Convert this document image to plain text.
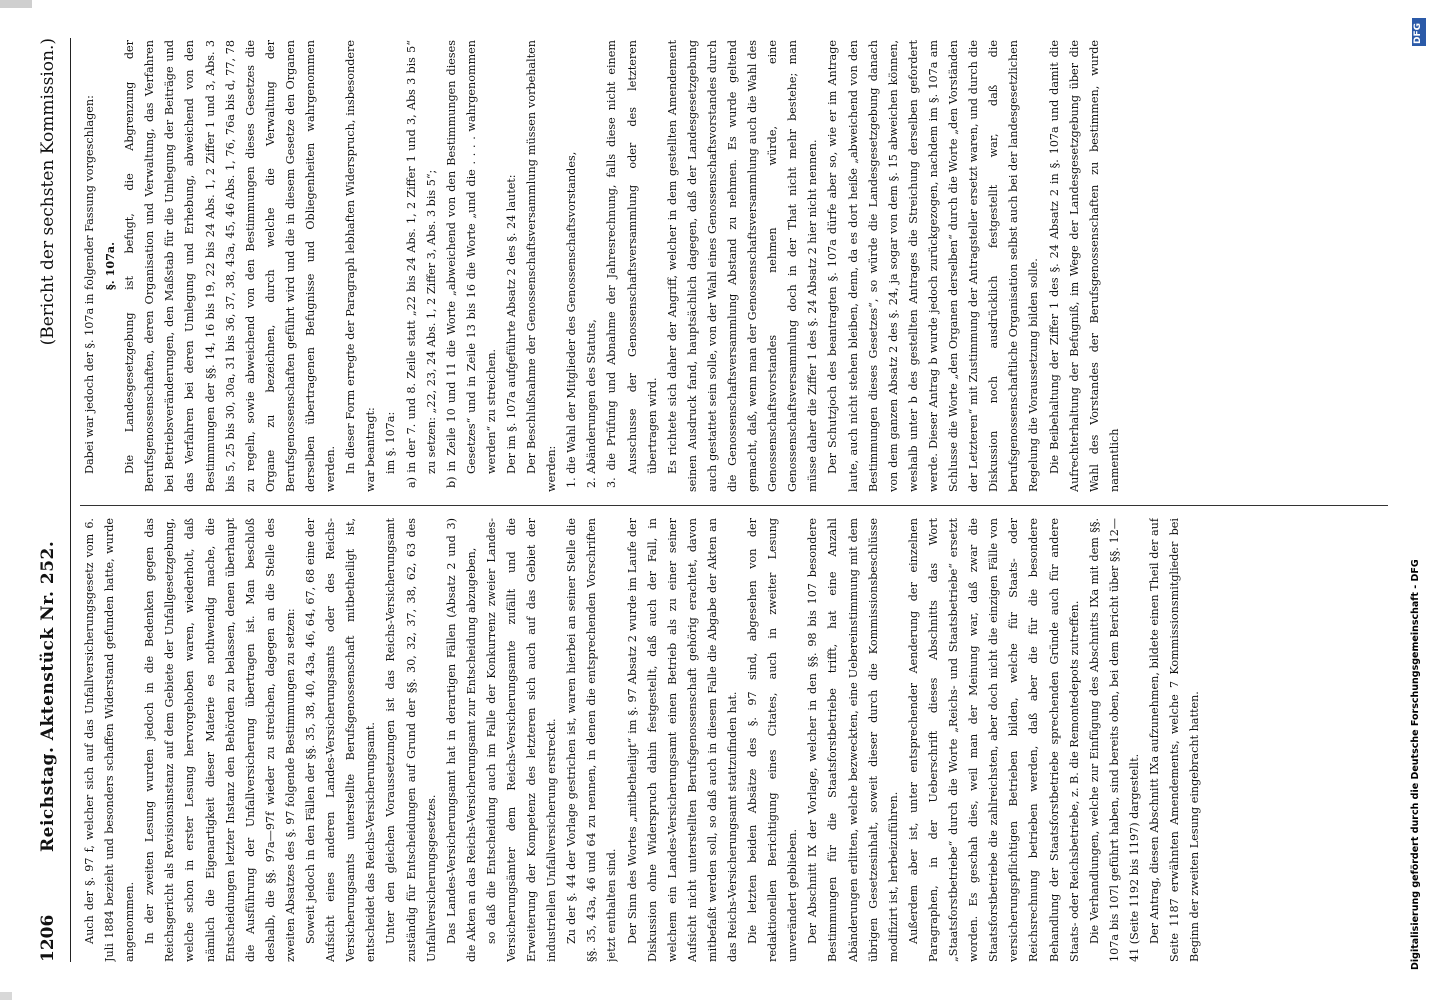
1206
Reichstag. Aktenstück Nr. 252.
(Bericht der sechsten Kommission.)

Auch der §. 97 f, welcher sich auf das Unfallversicherungsgesetz vom 6. Juli 1884 bezieht und besonders schaffen Widerstand gefunden hatte, wurde angenommen. In der zweiten Lesung wurden jedoch in die Bedenken gegen das Reichsgericht als Revisionsinstanz auf dem Gebiete der Unfallgesetzgebung, welche schon in erster Lesung hervorgehoben waren, wiederholt, daß nämlich die Eigenartigkeit dieser Materie es nothwendig mache, die Entscheidungen letzter Instanz den Behörden zu belassen, denen überhaupt die Ausführung der Unfallversicherung übertragen ist. Man beschloß deshalb, die §§. 97a—97f wieder zu streichen, dagegen an die Stelle des zweiten Absatzes des §. 97 folgende Bestimmungen zu setzen: Soweit jedoch in den Fällen der §§. 35, 38, 40, 43a, 46, 64, 67, 68 eine der Aufsicht eines anderen Landes-Versicherungsamts oder des Reichs-Versicherungsamts unterstellte Berufsgenossenschaft mitbetheiligt ist, entscheidet das Reichs-Versicherungsamt. Unter den gleichen Voraussetzungen ist das Reichs-Versicherungsamt zuständig für Entscheidungen auf Grund der §§. 30, 32, 37, 38, 62, 63 des Unfallversicherungsgesetzes. Das Landes-Versicherungsamt hat in derartigen Fällen (Absatz 2 und 3) die Akten an das Reichs-Versicherungsamt zur Entscheidung abzugeben, so daß die Entscheidung auch im Falle der Konkurrenz zweier Landes-Versicherungsämter dem Reichs-Versicherungsamte zufällt und die Erweiterung der Kompetenz des letzteren sich auch auf das Gebiet der industriellen Unfallversicherung erstreckt. Zu der §. 44 der Vorlage gestrichen ist, waren hierbei an seiner Stelle die §§. 35, 43a, 46 und 64 zu nennen, in denen die entsprechenden Vorschriften jetzt enthalten sind. Der Sinn des Wortes „mitbetheiligt“ im §. 97 Absatz 2 wurde im Laufe der Diskussion ohne Widerspruch dahin festgestellt, daß auch der Fall, in welchem ein Landes-Versicherungsamt einen Betrieb als zu einer seiner Aufsicht nicht unterstellten Berufsgenossenschaft gehörig erachtet, davon mitbefaßt werden soll, so daß auch in diesem Falle die Abgabe der Akten an das Reichs-Versicherungsamt stattzufinden hat. Die letzten beiden Absätze des §. 97 sind, abgesehen von der redaktionellen Berichtigung eines Citates, auch in zweiter Lesung unverändert geblieben. Der Abschnitt IX der Vorlage, welcher in den §§. 98 bis 107 besondere Bestimmungen für die Staatsforstbetriebe trifft, hat eine Anzahl Abänderungen erlitten, welche bezweckten, eine Uebereinstimmung mit dem übrigen Gesetzesinhalt, soweit dieser durch die Kommissionsbeschlüsse modifizirt ist, herbeizuführen. Außerdem aber ist, unter entsprechender Aenderung der einzelnen Paragraphen, in der Ueberschrift dieses Abschnitts das Wort „Staatsforstbetriebe“ durch die Worte „Reichs- und Staatsbetriebe“ ersetzt worden. Es geschah dies, weil man der Meinung war, daß zwar die Staatsforstbetriebe die zahlreichsten, aber doch nicht die einzigen Fälle von versicherungspflichtigen Betrieben bilden, welche für Staats- oder Reichsrechnung betrieben werden, daß aber die für die besondere Behandlung der Staatsforstbetriebe sprechenden Gründe auch für andere Staats- oder Reichsbetriebe, z. B. die Remontedepots zutreffen. Die Verhandlungen, welche zur Einfügung des Abschnitts IXa mit dem §§. 107a bis 107l geführt haben, sind bereits oben, bei dem Bericht über §§. 12—41 (Seite 1192 bis 1197) dargestellt. Der Antrag, diesen Abschnitt IXa aufzunehmen, bildete einen Theil der auf Seite 1187 erwähnten Amendements, welche 7 Kommissionsmitglieder bei Beginn der zweiten Lesung eingebracht hatten.

Dabei war jedoch der §. 107a in folgender Fassung vorgeschlagen: §. 107a. Die Landesgesetzgebung ist befugt, die Abgrenzung der Berufsgenossenschaften, deren Organisation und Verwaltung, das Verfahren bei Betriebsveränderungen, den Maßstab für die Umlegung der Beiträge und das Verfahren bei deren Umlegung und Erhebung, abweichend von den Bestimmungen der §§. 14, 16 bis 19, 22 bis 24 Abs. 1, 2 Ziffer 1 und 3, Abs. 3 bis 5, 25 bis 30, 30a, 31 bis 36, 37, 38, 43a, 45, 46 Abs. 1, 76, 76a bis d, 77, 78 zu regeln, sowie abweichend von den Bestimmungen dieses Gesetzes die Organe zu bezeichnen, durch welche die Verwaltung der Berufsgenossenschaften geführt wird und die in diesem Gesetze den Organen derselben übertragenen Befugnisse und Obliegenheiten wahrgenommen werden. In dieser Form erregte der Paragraph lebhaften Widerspruch, insbesondere war beantragt: im §. 107a: a) in der 7. und 8. Zeile statt „22 bis 24 Abs. 1, 2 Ziffer 1 und 3, Abs 3 bis 5“ zu setzen: „22, 23, 24 Abs. 1, 2 Ziffer 3, Abs. 3 bis 5“; b) in Zeile 10 und 11 die Worte „abweichend von den Bestimmungen dieses Gesetzes“ und in Zeile 13 bis 16 die Worte „und die . . . . wahrgenommen werden“ zu streichen. Der im §. 107a aufgeführte Absatz 2 des §. 24 lautet: Der Beschlußnahme der Genossenschaftsversammlung müssen vorbehalten werden: 1. die Wahl der Mitglieder des Genossenschaftsvorstandes, 2. Abänderungen des Statuts, 3. die Prüfung und Abnahme der Jahresrechnung, falls diese nicht einem Ausschusse der Genossenschaftsversammlung oder des letzteren übertragen wird. Es richtete sich daher der Angriff, welcher in dem gestellten Amendement seinen Ausdruck fand, hauptsächlich dagegen, daß der Landesgesetzgebung auch gestattet sein solle, von der Wahl eines Genossenschaftsvorstandes durch die Genossenschaftsversammlung Abstand zu nehmen. Es wurde geltend gemacht, daß, wenn man der Genossenschaftsversammlung auch die Wahl des Genossenschaftsvorstandes nehmen würde, eine Genossenschaftsversammlung doch in der That nicht mehr bestehe; man müsse daher die Ziffer 1 des §. 24 Absatz 2 hier nicht nennen. Der Schutzjoch des beantragten §. 107a dürfe aber so, wie er im Antrage laute, auch nicht stehen bleiben, denn, da es dort heiße „abweichend von den Bestimmungen dieses Gesetzes“, so würde die Landesgesetzgebung danach von dem ganzen Absatz 2 des §. 24, ja sogar von dem §. 15 abweichen können, weshalb unter b des gestellten Antrages die Streichung derselben gefordert werde. Dieser Antrag b wurde jedoch zurückgezogen, nachdem im §. 107a am Schlusse die Worte „den Organen derselben“ durch die Worte „den Vorständen der Letzteren“ mit Zustimmung der Antragsteller ersetzt waren, und durch die Diskussion noch ausdrücklich festgestellt war, daß die berufsgenossenschaftliche Organisation selbst auch bei der landesgesetzlichen Regelung die Voraussetzung bilden solle. Die Beibehaltung der Ziffer 1 des §. 24 Absatz 2 in §. 107a und damit die Aufrechterhaltung der Befugniß, im Wege der Landesgesetzgebung über die Wahl des Vorstandes der Berufsgenossenschaften zu bestimmen, wurde namentlich

Digitalisierung gefördert durch die Deutsche Forschungsgemeinschaft - DFG
DFG
